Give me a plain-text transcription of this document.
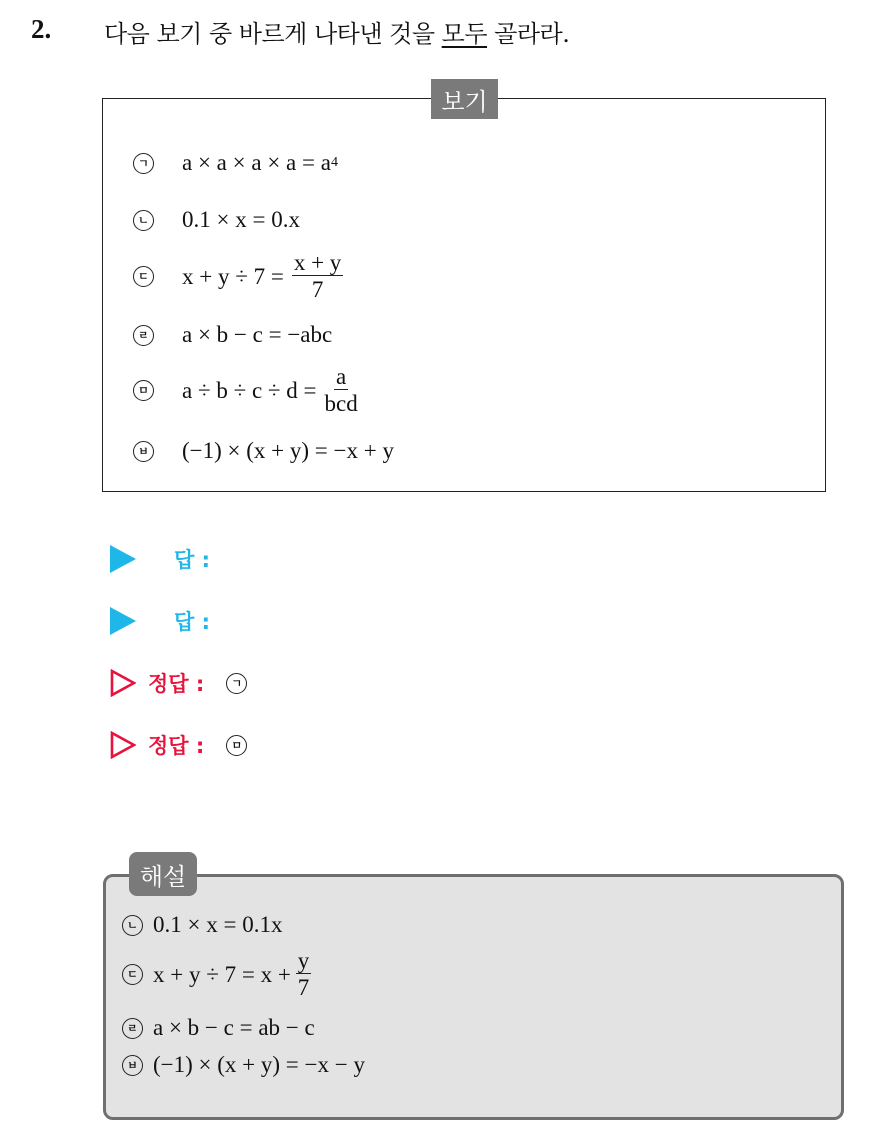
2. 다음 보기 중 바르게 나타낸 것을 모두 골라라.
보기
ㄱ a × a × a × a = a 4
ㄴ 0.1 × x = 0.x
ㄷ $x + y \div 7 = \frac{x + y}{7}$
ㄹ a × b − c = −abc
ㅁ $a \div b \div c \div d = \frac{a}{\text{bcd}}$
ㅂ (−1) × (x + y) = −x + y
답 :
답 :
정답 :	ㄱ
정답 :	ㅁ
해설
ㄴ 0.1 × x = 0.1x
ㄷ $x + y \div 7 = x + \frac{y}{7}$
ㄹ a × b − c = ab − c
ㅂ (−1) × (x + y) = −x − y
